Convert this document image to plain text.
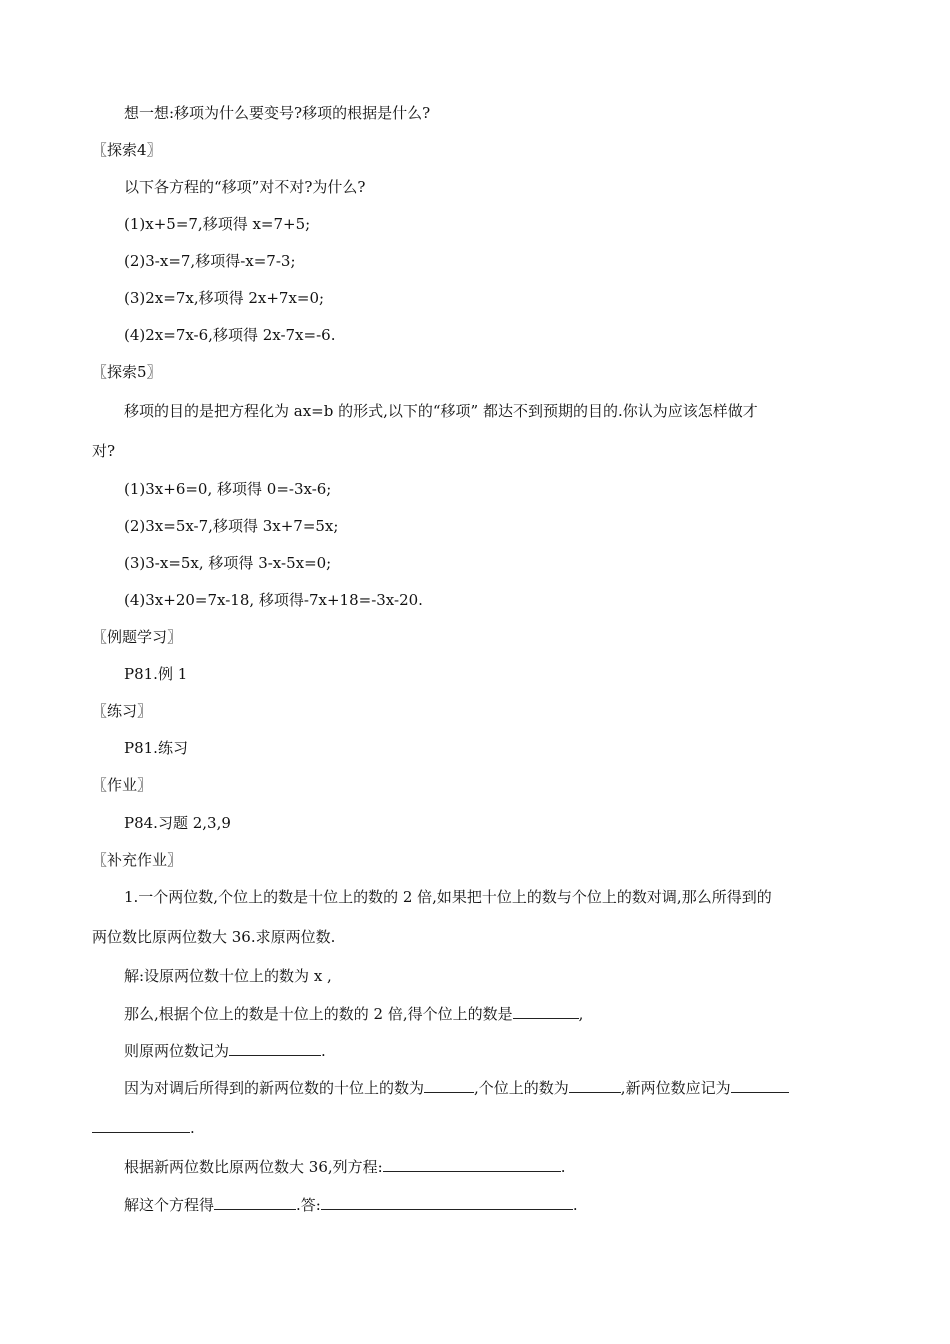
想一想:移项为什么要变号?移项的根据是什么?
〖探索4〗
以下各方程的“移项”对不对?为什么?
(1)x+5=7,移项得 x=7+5;
(2)3-x=7,移项得-x=7-3;
(3)2x=7x,移项得 2x+7x=0;
(4)2x=7x-6,移项得 2x-7x=-6.
〖探索5〗
移项的目的是把方程化为 ax=b 的形式,以下的“移项” 都达不到预期的目的.你认为应该怎样做才
对?
(1)3x+6=0, 移项得 0=-3x-6;
(2)3x=5x-7,移项得 3x+7=5x;
(3)3-x=5x, 移项得 3-x-5x=0;
(4)3x+20=7x-18, 移项得-7x+18=-3x-20.
〖例题学习〗
P81.例 1
〖练习〗
P81.练习
〖作业〗
P84.习题 2,3,9
〖补充作业〗
1.一个两位数,个位上的数是十位上的数的 2 倍,如果把十位上的数与个位上的数对调,那么所得到的
两位数比原两位数大 36.求原两位数.
解:设原两位数十位上的数为 x ,
那么,根据个位上的数是十位上的数的 2 倍,得个位上的数是	,
则原两位数记为	.
因为对调后所得到的新两位数的十位上的数为	,个位上的数为	,新两位数应记为
.
根据新两位数比原两位数大 36,列方程:	.
解这个方程得	.答:	.
